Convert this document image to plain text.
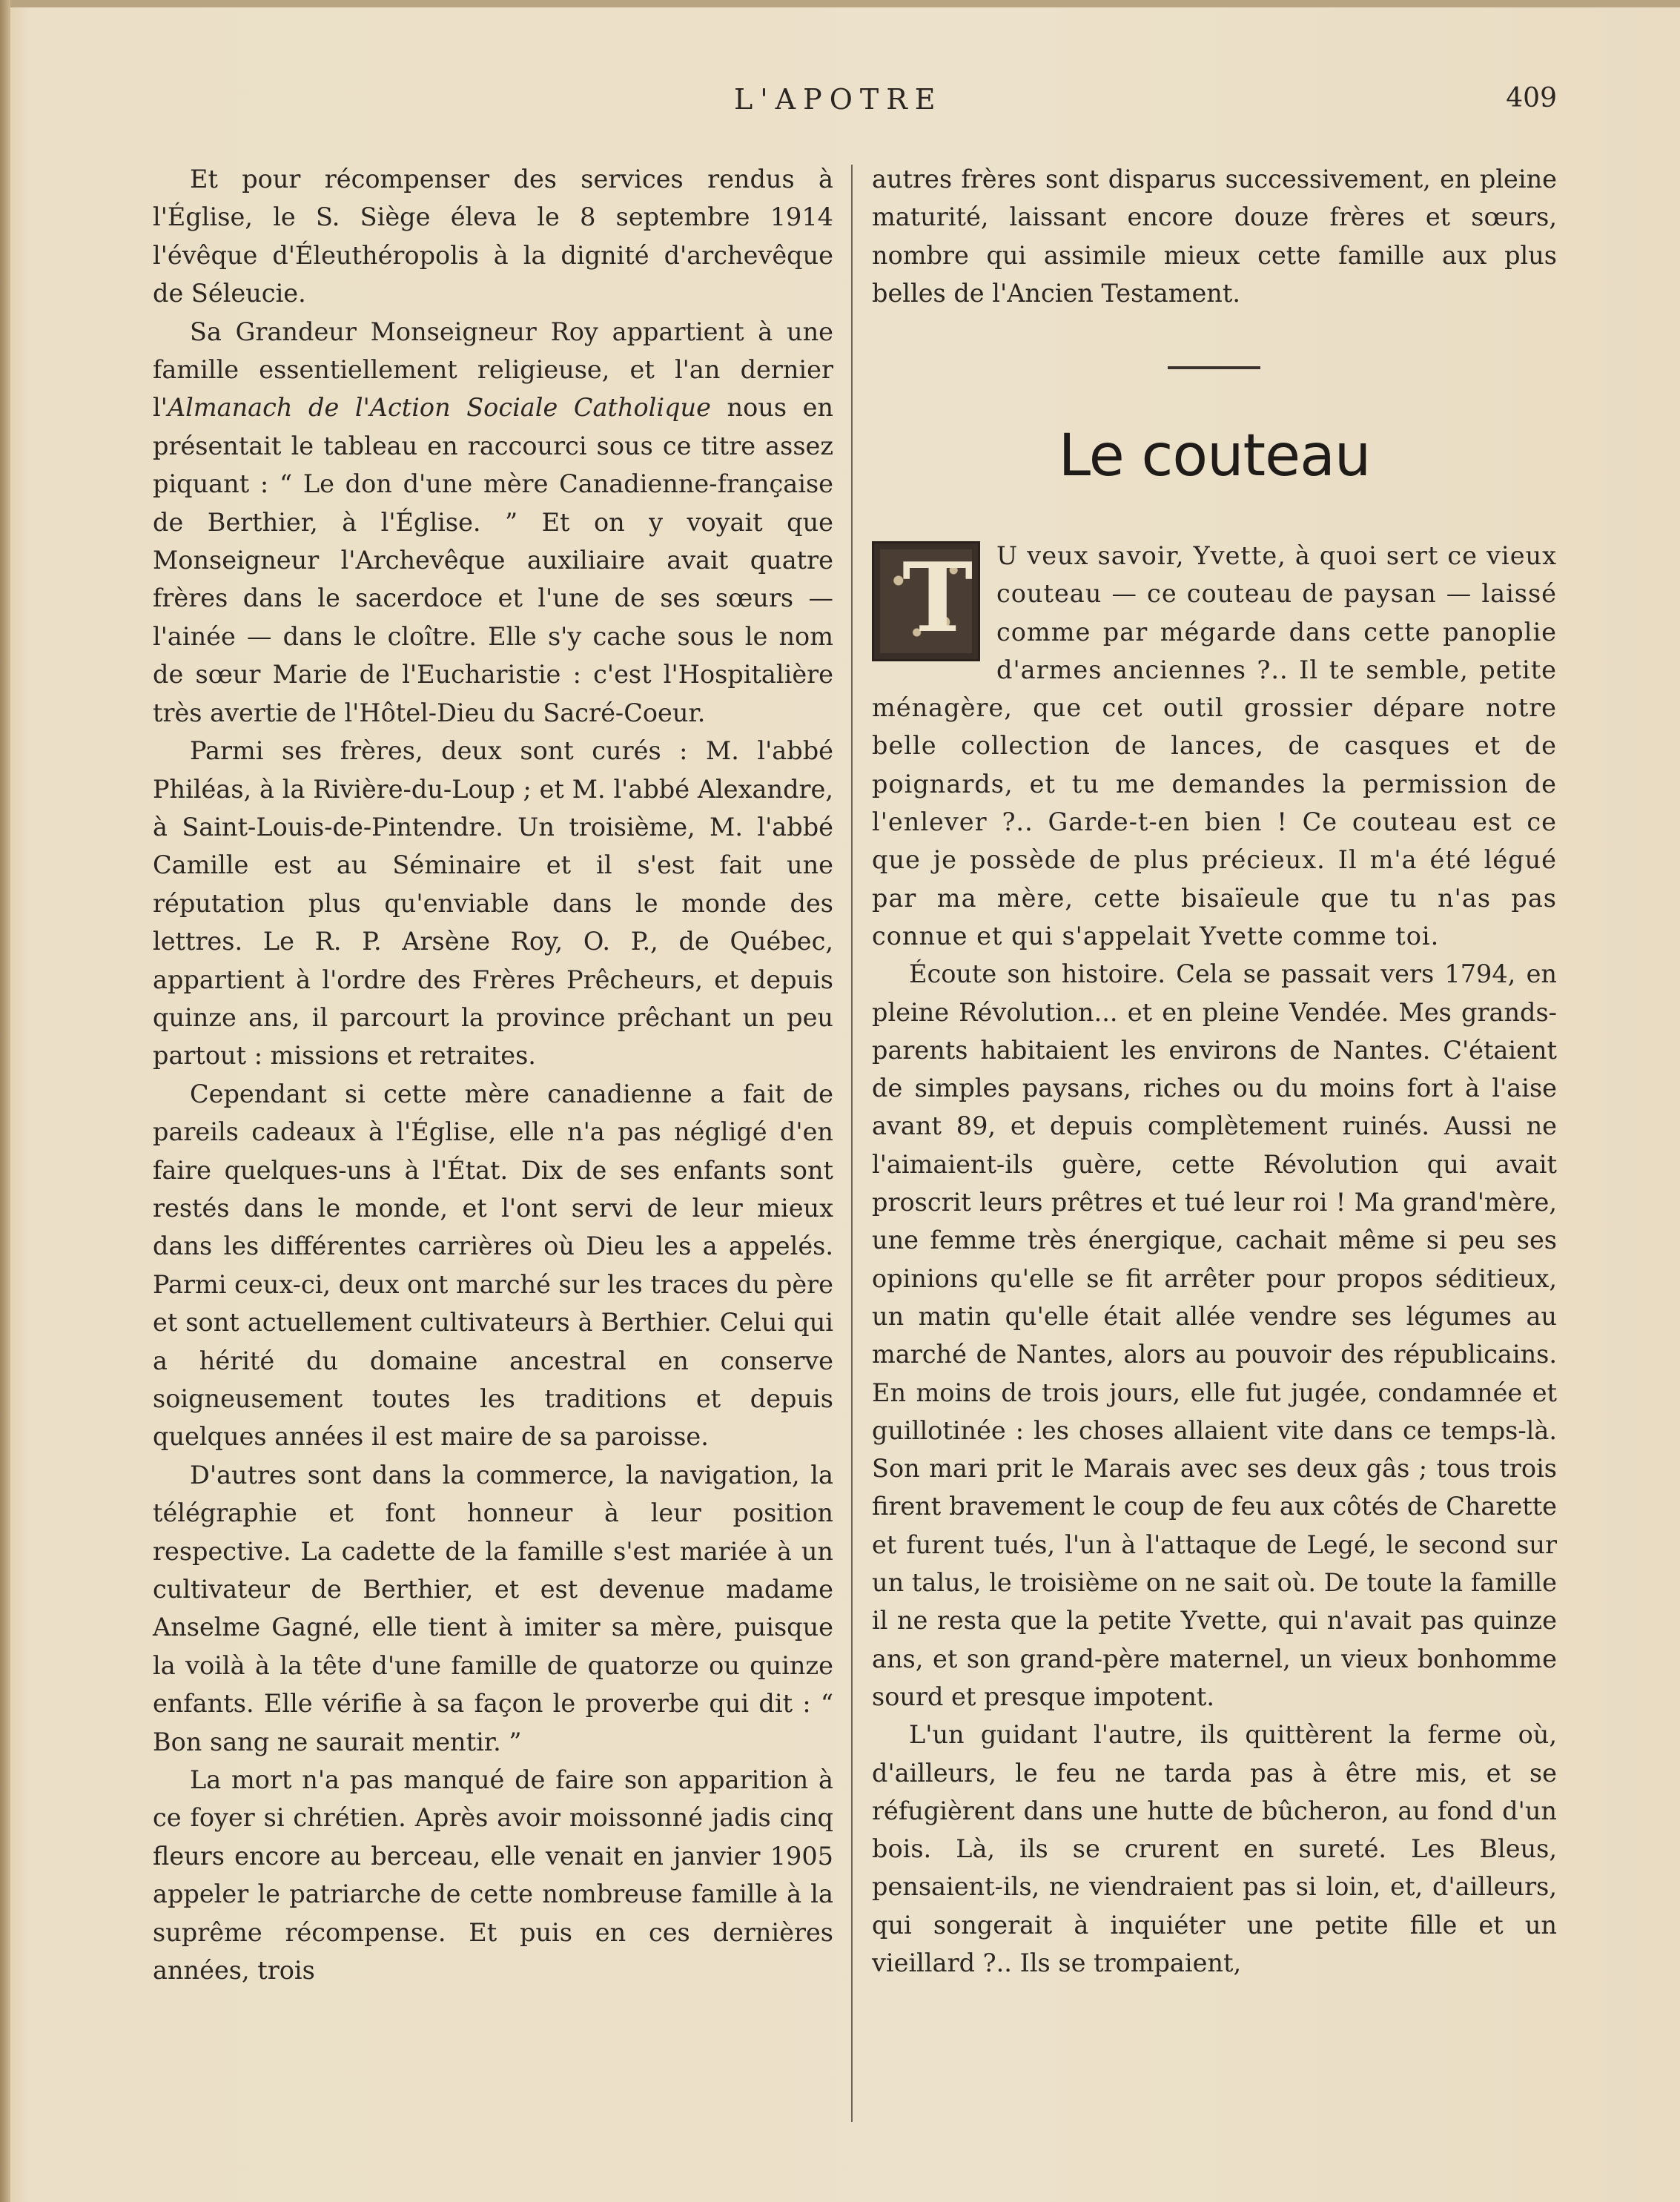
L'APOTRE	409

Et pour récompenser des services rendus à l'Église, le S. Siège éleva le 8 septembre 1914 l'évêque d'Éleuthéropolis à la dignité d'archevêque de Séleucie.

Sa Grandeur Monseigneur Roy appartient à une famille essentiellement religieuse, et l'an dernier l'Almanach de l'Action Sociale Catholique nous en présentait le tableau en raccourci sous ce titre assez piquant : “ Le don d'une mère Canadienne-française de Berthier, à l'Église. ” Et on y voyait que Monseigneur l'Archevêque auxiliaire avait quatre frères dans le sacerdoce et l'une de ses sœurs — l'ainée — dans le cloître. Elle s'y cache sous le nom de sœur Marie de l'Eucharistie : c'est l'Hospitalière très avertie de l'Hôtel-Dieu du Sacré-Coeur.

Parmi ses frères, deux sont curés : M. l'abbé Philéas, à la Rivière-du-Loup ; et M. l'abbé Alexandre, à Saint-Louis-de-Pintendre. Un troisième, M. l'abbé Camille est au Séminaire et il s'est fait une réputation plus qu'enviable dans le monde des lettres. Le R. P. Arsène Roy, O. P., de Québec, appartient à l'ordre des Frères Prêcheurs, et depuis quinze ans, il parcourt la province prêchant un peu partout : missions et retraites.

Cependant si cette mère canadienne a fait de pareils cadeaux à l'Église, elle n'a pas négligé d'en faire quelques-uns à l'État. Dix de ses enfants sont restés dans le monde, et l'ont servi de leur mieux dans les différentes carrières où Dieu les a appelés. Parmi ceux-ci, deux ont marché sur les traces du père et sont actuellement cultivateurs à Berthier. Celui qui a hérité du domaine ancestral en conserve soigneusement toutes les traditions et depuis quelques années il est maire de sa paroisse.

D'autres sont dans la commerce, la navigation, la télégraphie et font honneur à leur position respective. La cadette de la famille s'est mariée à un cultivateur de Berthier, et est devenue madame Anselme Gagné, elle tient à imiter sa mère, puisque la voilà à la tête d'une famille de quatorze ou quinze enfants. Elle vérifie à sa façon le proverbe qui dit : “ Bon sang ne saurait mentir. ”

La mort n'a pas manqué de faire son apparition à ce foyer si chrétien. Après avoir moissonné jadis cinq fleurs encore au berceau, elle venait en janvier 1905 appeler le patriarche de cette nombreuse famille à la suprême récompense. Et puis en ces dernières années, trois

autres frères sont disparus successivement, en pleine maturité, laissant encore douze frères et sœurs, nombre qui assimile mieux cette famille aux plus belles de l'Ancien Testament.

Le couteau

T U veux savoir, Yvette, à quoi sert ce vieux couteau — ce couteau de paysan — laissé comme par mégarde dans cette panoplie d'armes anciennes ?.. Il te semble, petite ménagère, que cet outil grossier dépare notre belle collection de lances, de casques et de poignards, et tu me demandes la permission de l'enlever ?.. Garde-t-en bien ! Ce couteau est ce que je possède de plus précieux. Il m'a été légué par ma mère, cette bisaïeule que tu n'as pas connue et qui s'appelait Yvette comme toi.

Écoute son histoire. Cela se passait vers 1794, en pleine Révolution... et en pleine Vendée. Mes grands-parents habitaient les environs de Nantes. C'étaient de simples paysans, riches ou du moins fort à l'aise avant 89, et depuis complètement ruinés. Aussi ne l'aimaient-ils guère, cette Révolution qui avait proscrit leurs prêtres et tué leur roi ! Ma grand'mère, une femme très énergique, cachait même si peu ses opinions qu'elle se fit arrêter pour propos séditieux, un matin qu'elle était allée vendre ses légumes au marché de Nantes, alors au pouvoir des républicains. En moins de trois jours, elle fut jugée, condamnée et guillotinée : les choses allaient vite dans ce temps-là. Son mari prit le Marais avec ses deux gâs ; tous trois firent bravement le coup de feu aux côtés de Charette et furent tués, l'un à l'attaque de Legé, le second sur un talus, le troisième on ne sait où. De toute la famille il ne resta que la petite Yvette, qui n'avait pas quinze ans, et son grand-père maternel, un vieux bonhomme sourd et presque impotent.

L'un guidant l'autre, ils quittèrent la ferme où, d'ailleurs, le feu ne tarda pas à être mis, et se réfugièrent dans une hutte de bûcheron, au fond d'un bois. Là, ils se crurent en sureté. Les Bleus, pensaient-ils, ne viendraient pas si loin, et, d'ailleurs, qui songerait à inquiéter une petite fille et un vieillard ?.. Ils se trompaient,
